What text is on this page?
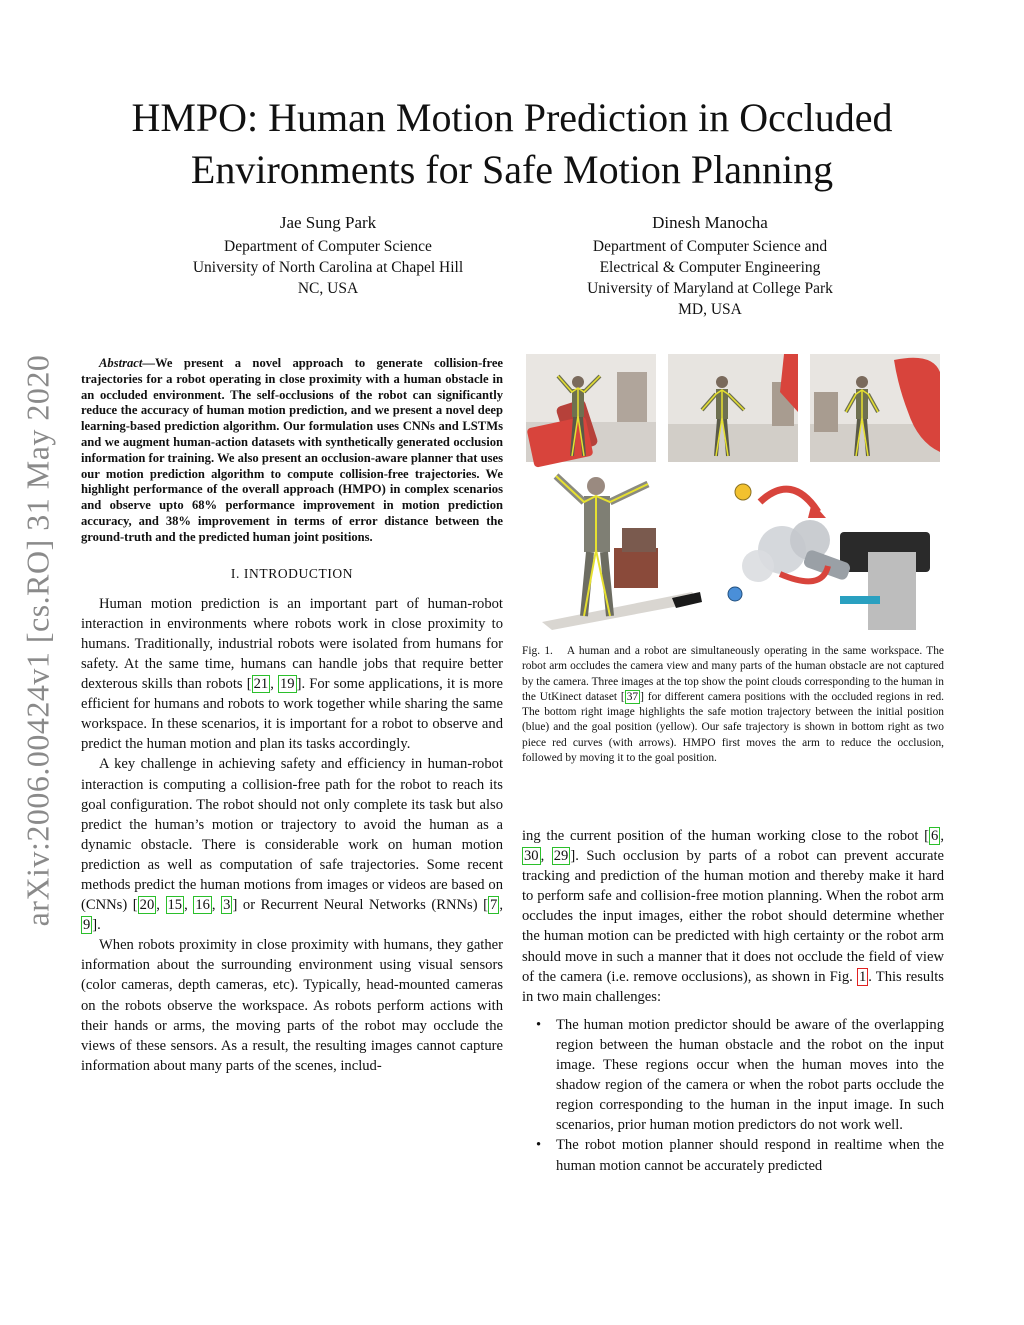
arXiv:2006.00424v1 [cs.RO] 31 May 2020
HMPO: Human Motion Prediction in Occluded
Environments for Safe Motion Planning
Jae Sung Park
Department of Computer Science
University of North Carolina at Chapel Hill
NC, USA
Dinesh Manocha
Department of Computer Science and
Electrical & Computer Engineering
University of Maryland at College Park
MD, USA

Abstract—We present a novel approach to generate collision-free trajectories for a robot operating in close proximity with a human obstacle in an occluded environment. The self-occlusions of the robot can significantly reduce the accuracy of human motion prediction, and we present a novel deep learning-based prediction algorithm. Our formulation uses CNNs and LSTMs and we augment human-action datasets with synthetically generated occlusion information for training. We also present an occlusion-aware planner that uses our motion prediction algorithm to compute collision-free trajectories. We highlight performance of the overall approach (HMPO) in complex scenarios and observe upto 68% performance improvement in motion prediction accuracy, and 38% improvement in terms of error distance between the ground-truth and the predicted human joint positions.

I. INTRODUCTION

Human motion prediction is an important part of human-robot interaction in environments where robots work in close proximity to humans. Traditionally, industrial robots were isolated from humans for safety. At the same time, humans can handle jobs that require better dexterous skills than robots [ 21 , 19 ]. For some applications, it is more efficient for humans and robots to work together while sharing the same workspace. In these scenarios, it is important for a robot to observe and predict the human motion and plan its tasks accordingly.

A key challenge in achieving safety and efficiency in human-robot interaction is computing a collision-free path for the robot to reach its goal configuration. The robot should not only complete its task but also predict the human’s motion or trajectory to avoid the human as a dynamic obstacle. There is considerable work on human motion prediction as well as computation of safe trajectories. Some recent methods predict the human motions from images or videos are based on (CNNs) [ 20 , 15 , 16 , 3 ] or Recurrent Neural Networks (RNNs) [ 7 , 9 ].

When robots proximity in close proximity with humans, they gather information about the surrounding environment using visual sensors (color cameras, depth cameras, etc). Typically, head-mounted cameras on the robots observe the workspace. As robots perform actions with their hands or arms, the moving parts of the robot may occlude the views of these sensors. As a result, the resulting images cannot capture information about many parts of the scenes, includ-

Fig. 1. A human and a robot are simultaneously operating in the same workspace. The robot arm occludes the camera view and many parts of the human obstacle are not captured by the camera. Three images at the top show the point clouds corresponding to the human in the UtKinect dataset [ 37 ] for different camera positions with the occluded regions in red. The bottom right image highlights the safe motion trajectory between the initial position (blue) and the goal position (yellow). Our safe trajectory is shown in bottom right as two piece red curves (with arrows). HMPO first moves the arm to reduce the occlusion, followed by moving it to the goal position.

ing the current position of the human working close to the robot [ 6 , 30 , 29 ]. Such occlusion by parts of a robot can prevent accurate tracking and prediction of the human motion and thereby make it hard to perform safe and collision-free motion planning. When the robot arm occludes the input images, either the robot should determine whether the human motion can be predicted with high certainty or the robot arm should move in such a manner that it does not occlude the field of view of the camera (i.e. remove occlusions), as shown in Fig. 1 . This results in two main challenges:

• The human motion predictor should be aware of the overlapping region between the human obstacle and the robot on the input image. These regions occur when the human moves into the shadow region of the camera or when the robot parts occlude the region corresponding to the human in the input image. In such scenarios, prior human motion predictors do not work well.
• The robot motion planner should respond in realtime when the human motion cannot be accurately predicted
